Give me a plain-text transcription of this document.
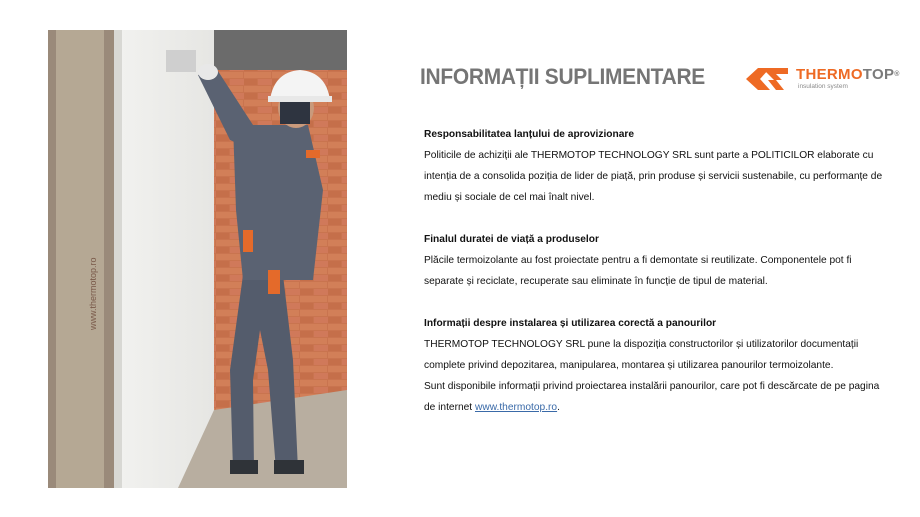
www.thermotop.ro
INFORMAȚII SUPLIMENTARE	THERMOTOP®
insulation system
Responsabilitatea lanțului de aprovizionare
Politicile de achiziții ale THERMOTOP TECHNOLOGY SRL sunt parte a POLITICILOR elaborate cu intenția de a consolida poziția de lider de piață, prin produse și servicii sustenabile, cu performanțe de mediu și sociale de cel mai înalt nivel.
Finalul duratei de viață a produselor
Plăcile termoizolante au fost proiectate pentru a fi demontate si reutilizate. Componentele pot fi separate și reciclate, recuperate sau eliminate în funcție de tipul de material.
Informații despre instalarea și utilizarea corectă a panourilor
THERMOTOP TECHNOLOGY SRL pune la dispoziția constructorilor și utilizatorilor documentații complete privind depozitarea, manipularea, montarea și utilizarea panourilor termoizolante.
Sunt disponibile informații privind proiectarea instalării panourilor, care pot fi descărcate de pe pagina de internet www.thermotop.ro.
